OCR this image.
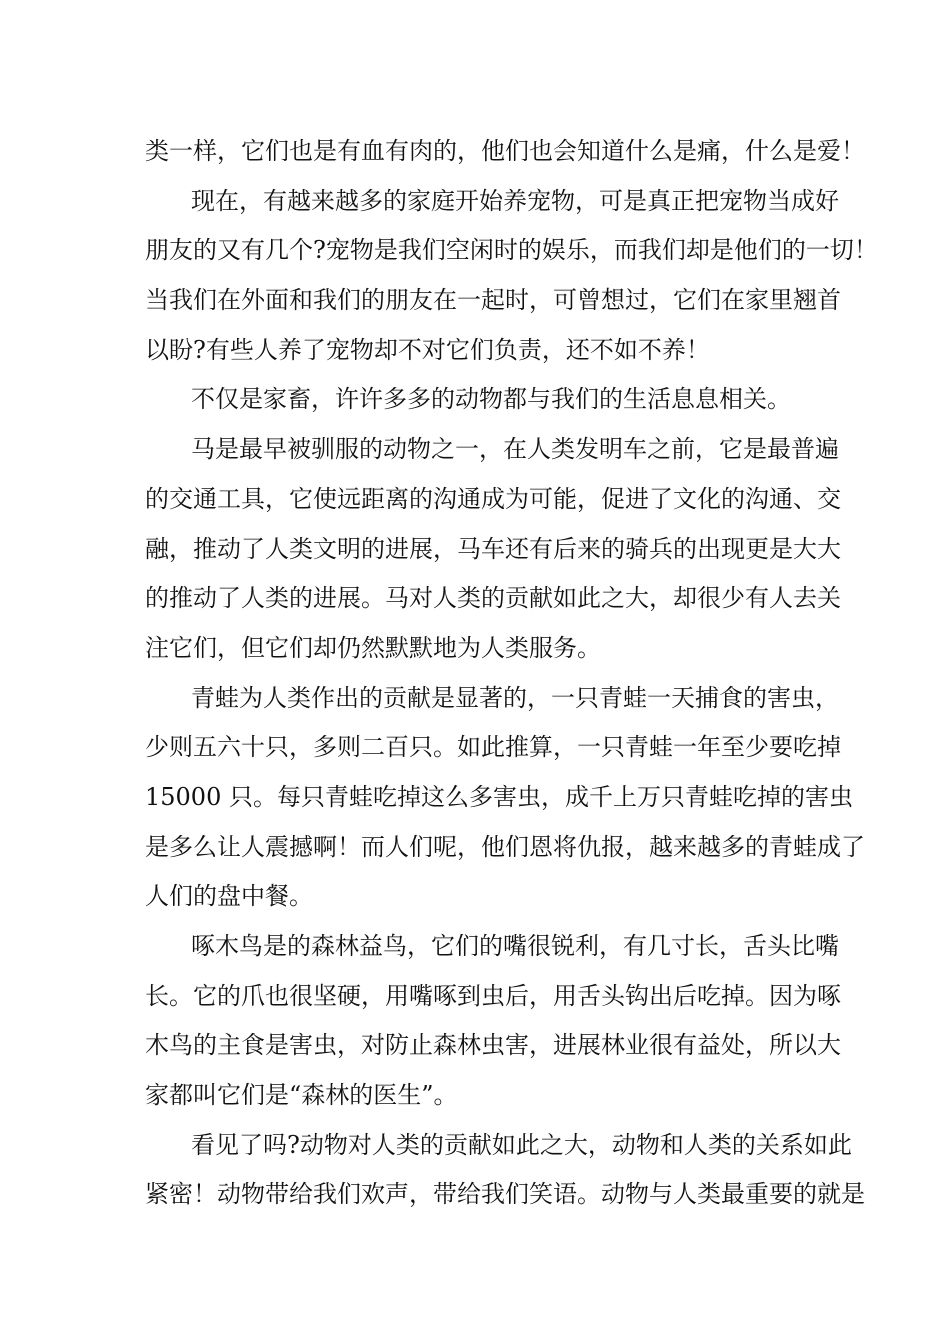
类一样，它们也是有血有肉的，他们也会知道什么是痛，什么是爱！
现在，有越来越多的家庭开始养宠物，可是真正把宠物当成好
朋友的又有几个?宠物是我们空闲时的娱乐，而我们却是他们的一切！
当我们在外面和我们的朋友在一起时，可曾想过，它们在家里翘首
以盼?有些人养了宠物却不对它们负责，还不如不养！
不仅是家畜，许许多多的动物都与我们的生活息息相关。
马是最早被驯服的动物之一，在人类发明车之前，它是最普遍
的交通工具，它使远距离的沟通成为可能，促进了文化的沟通、交
融，推动了人类文明的进展，马车还有后来的骑兵的出现更是大大
的推动了人类的进展。马对人类的贡献如此之大，却很少有人去关
注它们，但它们却仍然默默地为人类服务。
青蛙为人类作出的贡献是显著的，一只青蛙一天捕食的害虫，
少则五六十只，多则二百只。如此推算，一只青蛙一年至少要吃掉
15000 只。每只青蛙吃掉这么多害虫，成千上万只青蛙吃掉的害虫
是多么让人震撼啊！而人们呢，他们恩将仇报，越来越多的青蛙成了
人们的盘中餐。
啄木鸟是的森林益鸟，它们的嘴很锐利，有几寸长，舌头比嘴
长。它的爪也很坚硬，用嘴啄到虫后，用舌头钩出后吃掉。因为啄
木鸟的主食是害虫，对防止森林虫害，进展林业很有益处，所以大
家都叫它们是“森林的医生”。
看见了吗?动物对人类的贡献如此之大，动物和人类的关系如此
紧密！动物带给我们欢声，带给我们笑语。动物与人类最重要的就是
